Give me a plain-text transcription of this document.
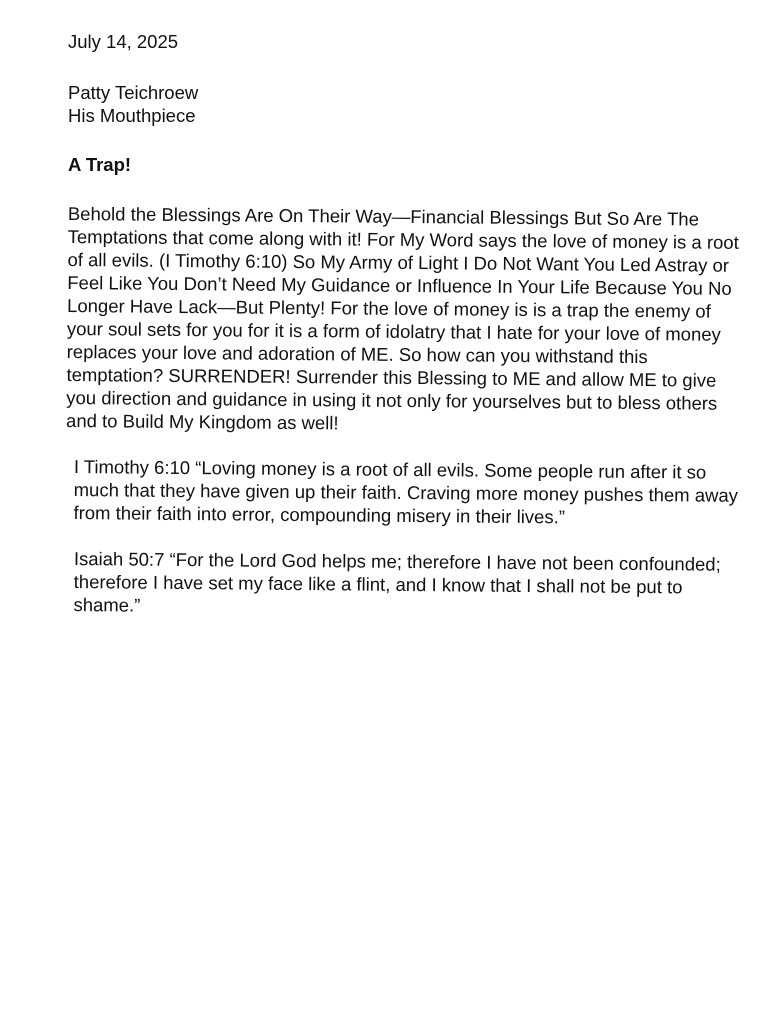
July 14, 2025
Patty Teichroew
His Mouthpiece
A Trap!
Behold the Blessings Are On Their Way—Financial Blessings But So Are The Temptations that come along with it! For My Word says the love of money is a root of all evils. (I Timothy 6:10) So My Army of Light I Do Not Want You Led Astray or Feel Like You Don’t Need My Guidance or Influence In Your Life Because You No Longer Have Lack—But Plenty! For the love of money is is a trap the enemy of your soul sets for you for it is a form of idolatry that I hate for your love of money replaces your love and adoration of ME. So how can you withstand this temptation? SURRENDER! Surrender this Blessing to ME and allow ME to give you direction and guidance in using it not only for yourselves but to bless others and to Build My Kingdom as well!
I Timothy 6:10 “Loving money is a root of all evils. Some people run after it so much that they have given up their faith. Craving more money pushes them away from their faith into error, compounding misery in their lives.”
Isaiah 50:7 “For the Lord God helps me; therefore I have not been confounded; therefore I have set my face like a flint, and I know that I shall not be put to shame.”
